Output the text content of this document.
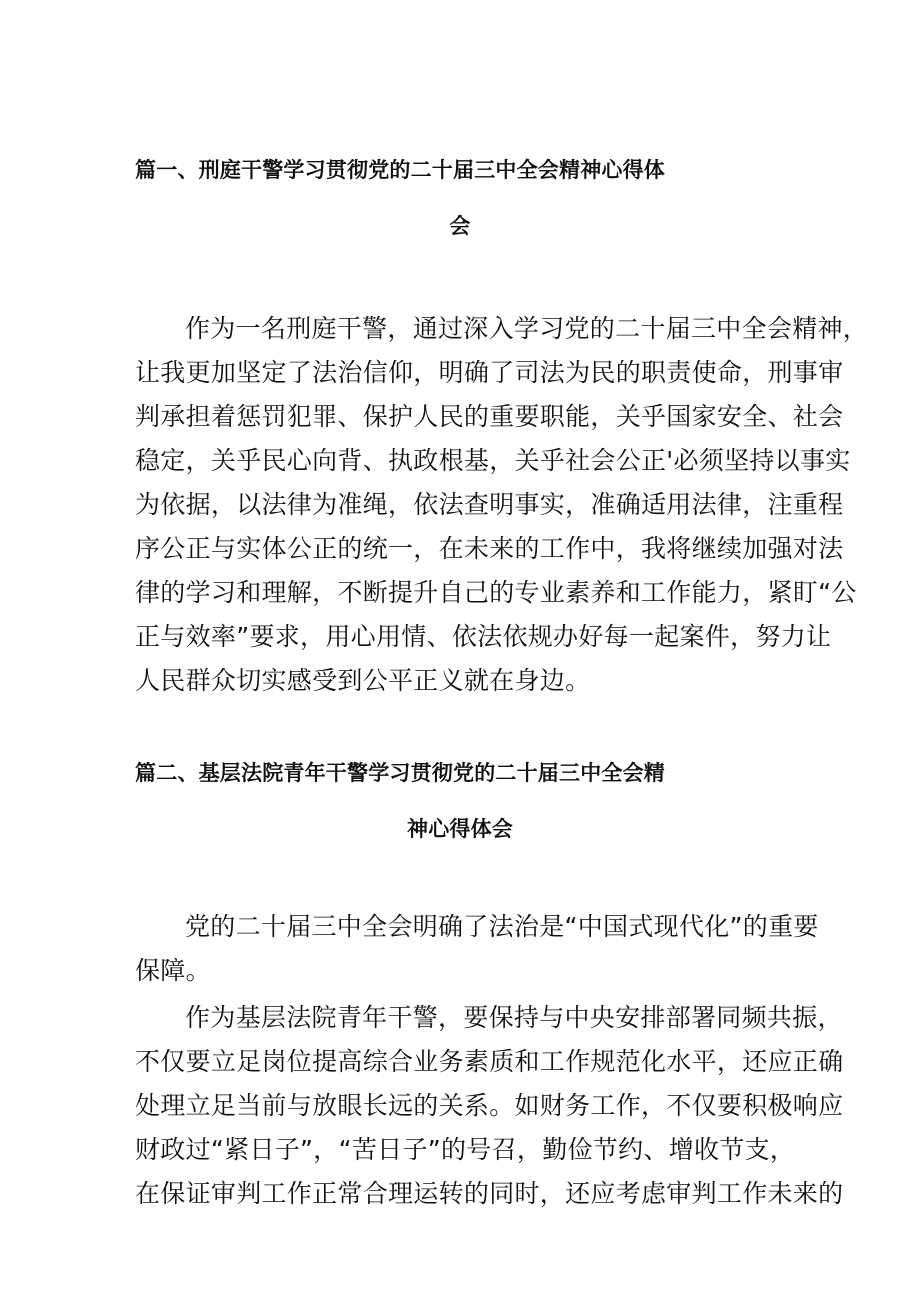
篇一、刑庭干警学习贯彻党的二十届三中全会精神心得体
会
作为一名刑庭干警，通过深入学习党的二十届三中全会精神，
让我更加坚定了法治信仰，明确了司法为民的职责使命，刑事审
判承担着惩罚犯罪、保护人民的重要职能，关乎国家安全、社会
稳定，关乎民心向背、执政根基，关乎社会公正'必须坚持以事实
为依据，以法律为准绳，依法查明事实，准确适用法律，注重程
序公正与实体公正的统一，在未来的工作中，我将继续加强对法
律的学习和理解，不断提升自己的专业素养和工作能力，紧盯“公
正与效率”要求，用心用情、依法依规办好每一起案件，努力让
人民群众切实感受到公平正义就在身边。
篇二、基层法院青年干警学习贯彻党的二十届三中全会精
神心得体会
党的二十届三中全会明确了法治是“中国式现代化”的重要
保障。
作为基层法院青年干警，要保持与中央安排部署同频共振，
不仅要立足岗位提高综合业务素质和工作规范化水平，还应正确
处理立足当前与放眼长远的关系。如财务工作，不仅要积极响应
财政过“紧日子”，“苦日子”的号召，勤俭节约、增收节支，
在保证审判工作正常合理运转的同时，还应考虑审判工作未来的
